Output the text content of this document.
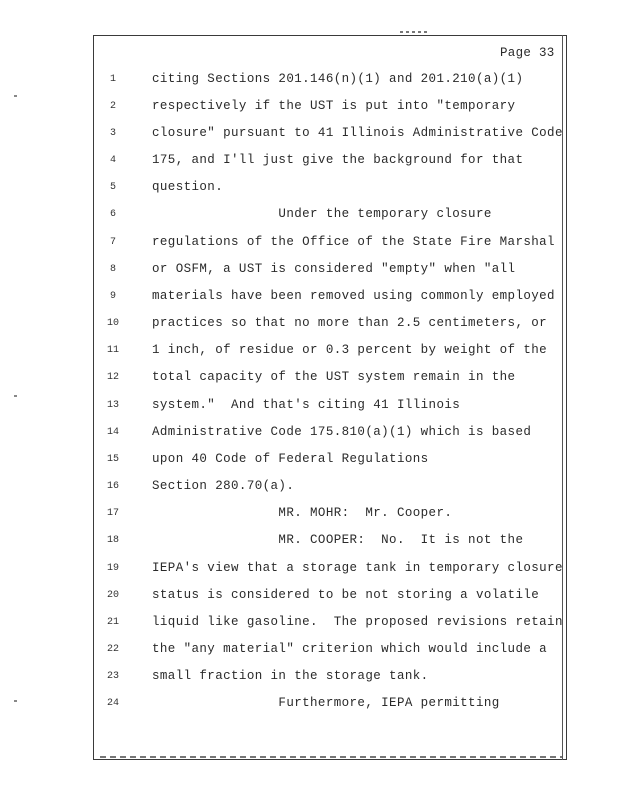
Page 33
1	citing Sections 201.146(n)(1) and 201.210(a)(1)
2	respectively if the UST is put into "temporary
3	closure" pursuant to 41 Illinois Administrative Code
4	175, and I'll just give the background for that
5	question.
6	Under the temporary closure
7	regulations of the Office of the State Fire Marshal
8	or OSFM, a UST is considered "empty" when "all
9	materials have been removed using commonly employed
10	practices so that no more than 2.5 centimeters, or
11	1 inch, of residue or 0.3 percent by weight of the
12	total capacity of the UST system remain in the
13	system."  And that's citing 41 Illinois
14	Administrative Code 175.810(a)(1) which is based
15	upon 40 Code of Federal Regulations
16	Section 280.70(a).
17	MR. MOHR:  Mr. Cooper.
18	MR. COOPER:  No.  It is not the
19	IEPA's view that a storage tank in temporary closure
20	status is considered to be not storing a volatile
21	liquid like gasoline.  The proposed revisions retain
22	the "any material" criterion which would include a
23	small fraction in the storage tank.
24	Furthermore, IEPA permitting
